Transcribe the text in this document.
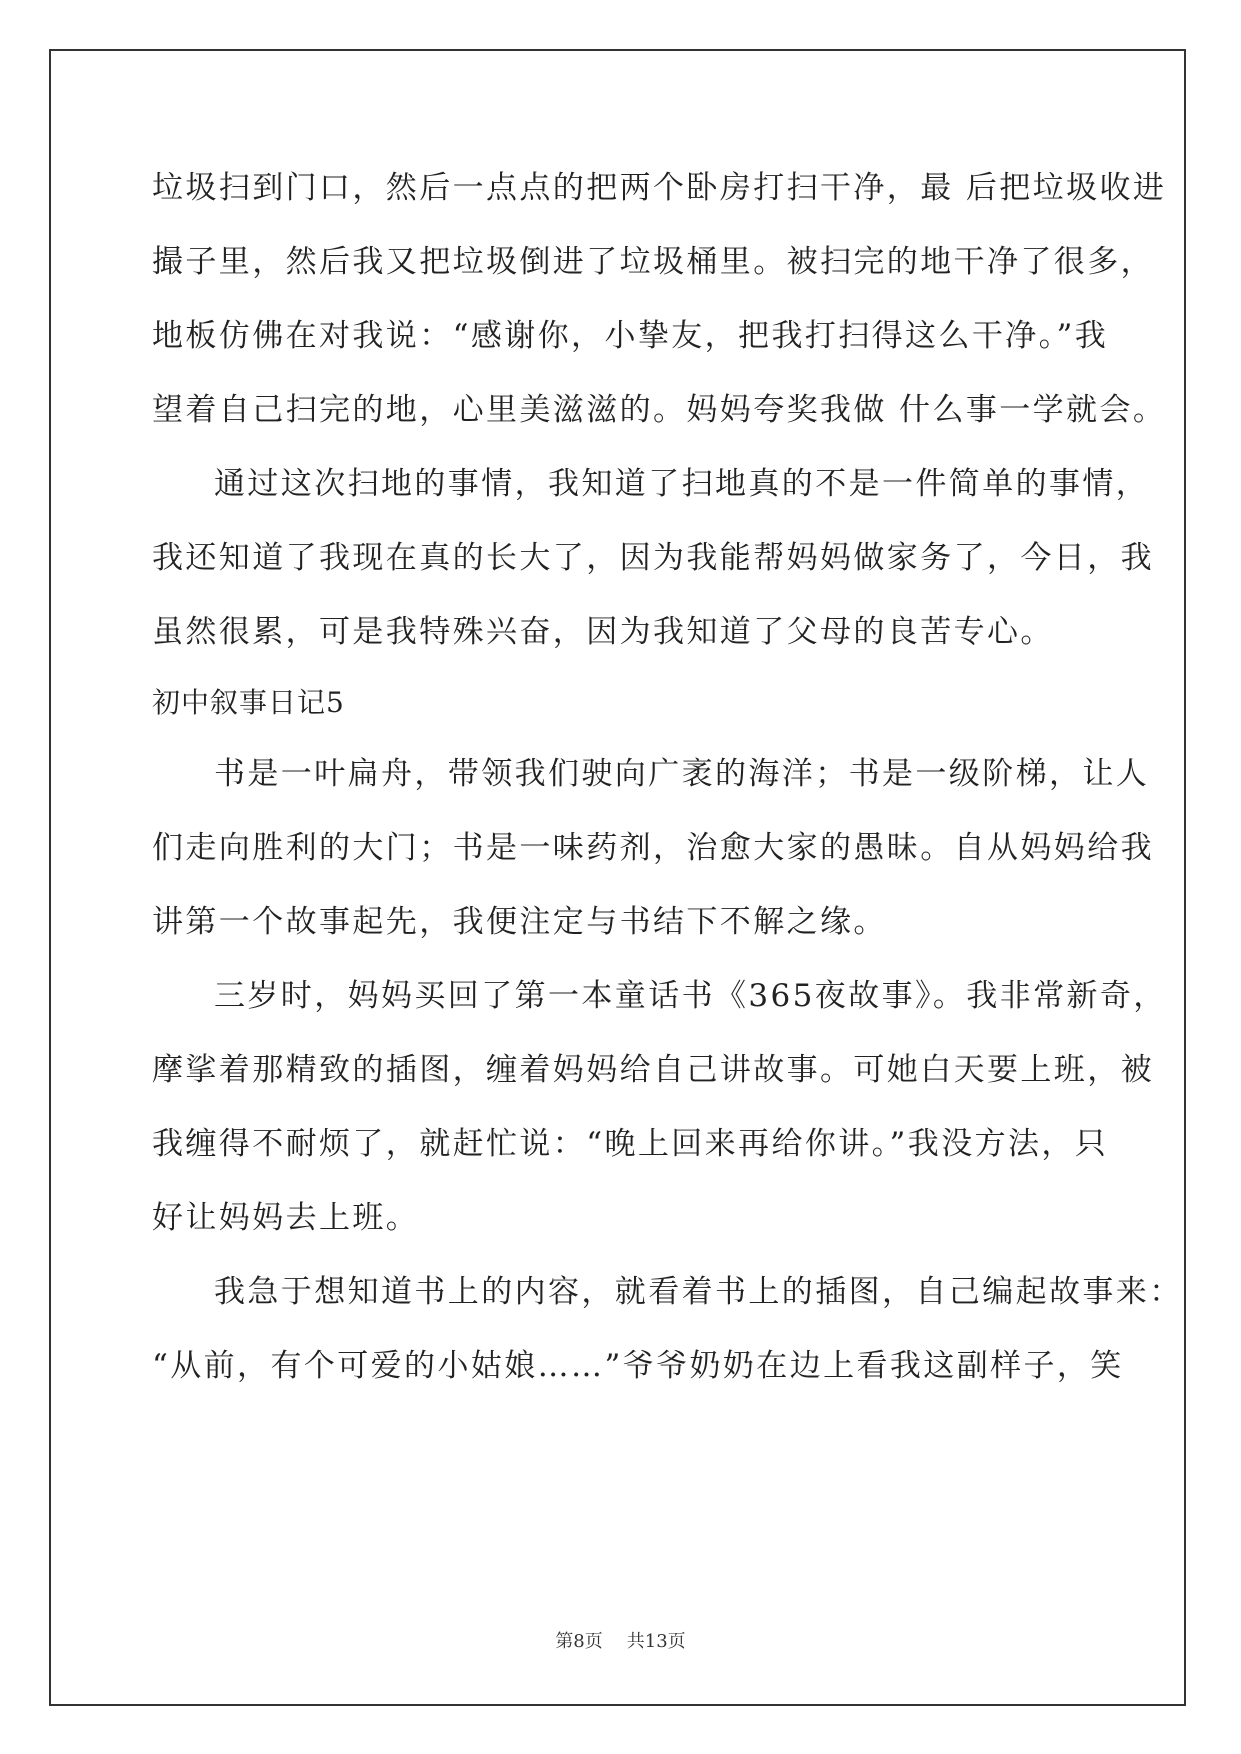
垃圾扫到门口，然后一点点的把两个卧房打扫干净，最 后把垃圾收进
撮子里，然后我又把垃圾倒进了垃圾桶里。被扫完的地干净了很多，
地板仿佛在对我说：“感谢你，小挚友，把我打扫得这么干净。”我
望着自己扫完的地，心里美滋滋的。妈妈夸奖我做 什么事一学就会。
通过这次扫地的事情，我知道了扫地真的不是一件简单的事情，
我还知道了我现在真的长大了，因为我能帮妈妈做家务了，今日，我
虽然很累，可是我特殊兴奋，因为我知道了父母的良苦专心。
初中叙事日记5
书是一叶扁舟，带领我们驶向广袤的海洋；书是一级阶梯，让人
们走向胜利的大门；书是一味药剂，治愈大家的愚昧。自从妈妈给我
讲第一个故事起先，我便注定与书结下不解之缘。
三岁时，妈妈买回了第一本童话书《365夜故事》。我非常新奇，
摩挲着那精致的插图，缠着妈妈给自己讲故事。可她白天要上班，被
我缠得不耐烦了，就赶忙说：“晚上回来再给你讲。”我没方法，只
好让妈妈去上班。
我急于想知道书上的内容，就看着书上的插图，自己编起故事来：
“从前，有个可爱的小姑娘……”爷爷奶奶在边上看我这副样子，笑
第8页 共13页
